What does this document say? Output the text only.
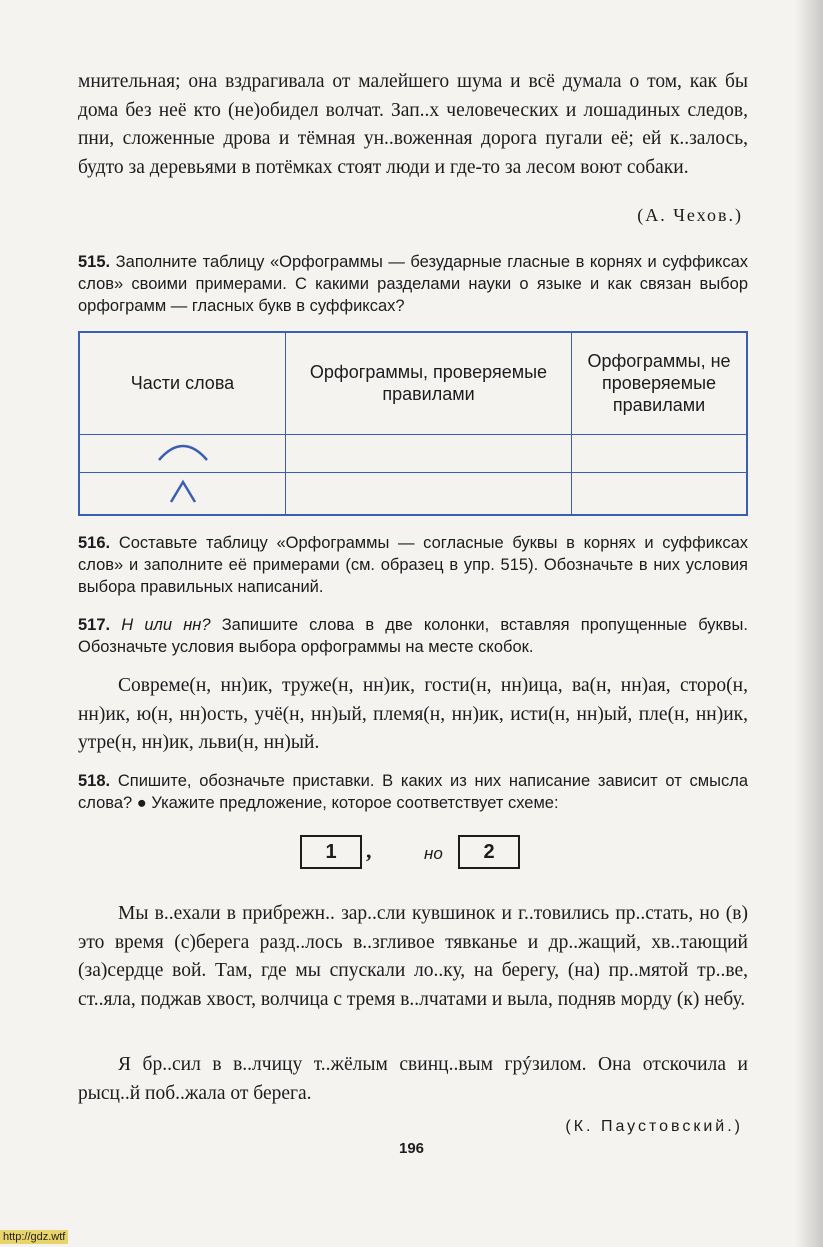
мнительная; она вздрагивала от малейшего шума и всё думала о том, как бы дома без неё кто (не)обидел волчат. Зап..х человеческих и лошадиных следов, пни, сложенные дрова и тёмная ун..воженная дорога пугали её; ей к..залось, будто за деревьями в потёмках стоят люди и где-то за лесом воют собаки.

(А. Чехов.)

515. Заполните таблицу «Орфограммы — безударные гласные в корнях и суффиксах слов» своими примерами. С какими разделами науки о языке и как связан выбор орфограмм — гласных букв в суффиксах?

Части слова	Орфограммы, проверяемые правилами	Орфограммы, не проверяемые правилами

516. Составьте таблицу «Орфограммы — согласные буквы в корнях и суффиксах слов» и заполните её примерами (см. образец в упр. 515). Обозначьте в них условия выбора правильных написаний.

517. Н или нн? Запишите слова в две колонки, вставляя пропущенные буквы. Обозначьте условия выбора орфограммы на месте скобок.

Совреме(н, нн)ик, труже(н, нн)ик, гости(н, нн)ица, ва(н, нн)ая, сторо(н, нн)ик, ю(н, нн)ость, учё(н, нн)ый, племя(н, нн)ик, исти(н, нн)ый, пле(н, нн)ик, утре(н, нн)ик, льви(н, нн)ый.

518. Спишите, обозначьте приставки. В каких из них написание зависит от смысла слова? ● Укажите предложение, которое соответствует схеме:

1	,	но	2

Мы в..ехали в прибрежн.. зар..сли кувшинок и г..товились пр..стать, но (в) это время (с)берега разд..лось в..згливое тявканье и др..жащий, хв..тающий (за)сердце вой. Там, где мы спускали ло..ку, на берегу, (на) пр..мятой тр..ве, ст..яла, поджав хвост, волчица с тремя в..лчатами и выла, подняв морду (к) небу.

Я бр..сил в в..лчицу т..жёлым свинц..вым грýзилом. Она отскочила и рысц..й поб..жала от берега.

(К. Паустовский.)
196
http://gdz.wtf
